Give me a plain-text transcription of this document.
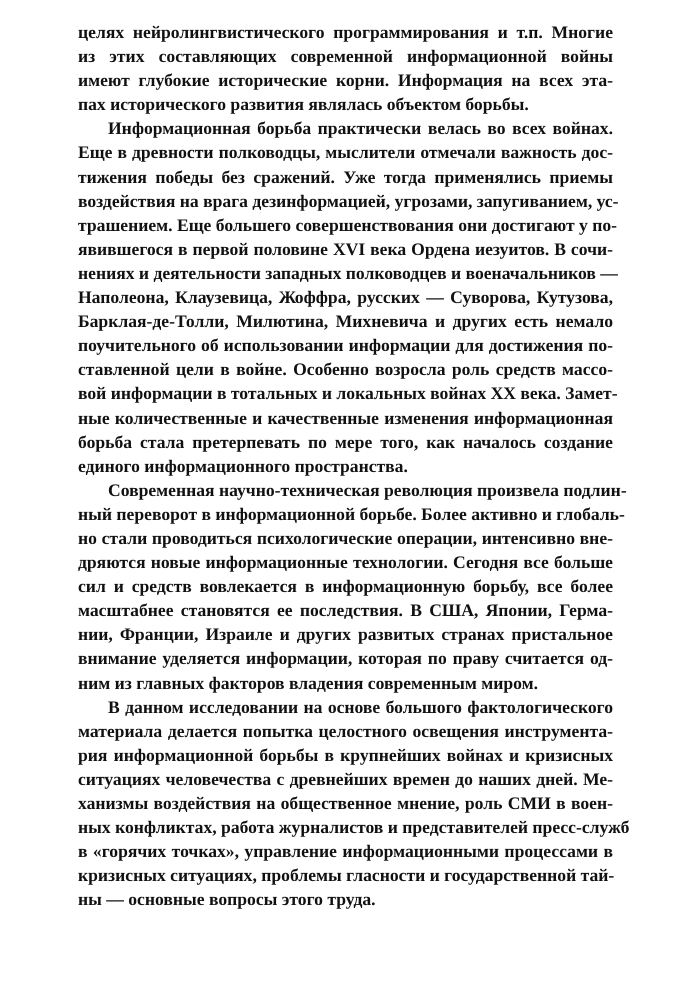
целях нейролингвистического программирования и т.п. Многие
из этих составляющих современной информационной войны
имеют глубокие исторические корни. Информация на всех эта-
пах исторического развития являлась объектом борьбы.
Информационная борьба практически велась во всех войнах.
Еще в древности полководцы, мыслители отмечали важность дос-
тижения победы без сражений. Уже тогда применялись приемы
воздействия на врага дезинформацией, угрозами, запугиванием, ус-
трашением. Еще большего совершенствования они достигают у по-
явившегося в первой половине XVI века Ордена иезуитов. В сочи-
нениях и деятельности западных полководцев и военачальников —
Наполеона, Клаузевица, Жоффра, русских — Суворова, Кутузова,
Барклая-де-Толли, Милютина, Михневича и других есть немало
поучительного об использовании информации для достижения по-
ставленной цели в войне. Особенно возросла роль средств массо-
вой информации в тотальных и локальных войнах XX века. Замет-
ные количественные и качественные изменения информационная
борьба стала претерпевать по мере того, как началось создание
единого информационного пространства.
Современная научно-техническая революция произвела подлин-
ный переворот в информационной борьбе. Более активно и глобаль-
но стали проводиться психологические операции, интенсивно вне-
дряются новые информационные технологии. Сегодня все больше
сил и средств вовлекается в информационную борьбу, все более
масштабнее становятся ее последствия. В США, Японии, Герма-
нии, Франции, Израиле и других развитых странах пристальное
внимание уделяется информации, которая по праву считается од-
ним из главных факторов владения современным миром.
В данном исследовании на основе большого фактологического
материала делается попытка целостного освещения инструмента-
рия информационной борьбы в крупнейших войнах и кризисных
ситуациях человечества с древнейших времен до наших дней. Ме-
ханизмы воздействия на общественное мнение, роль СМИ в воен-
ных конфликтах, работа журналистов и представителей пресс-служб
в «горячих точках», управление информационными процессами в
кризисных ситуациях, проблемы гласности и государственной тай-
ны — основные вопросы этого труда.
